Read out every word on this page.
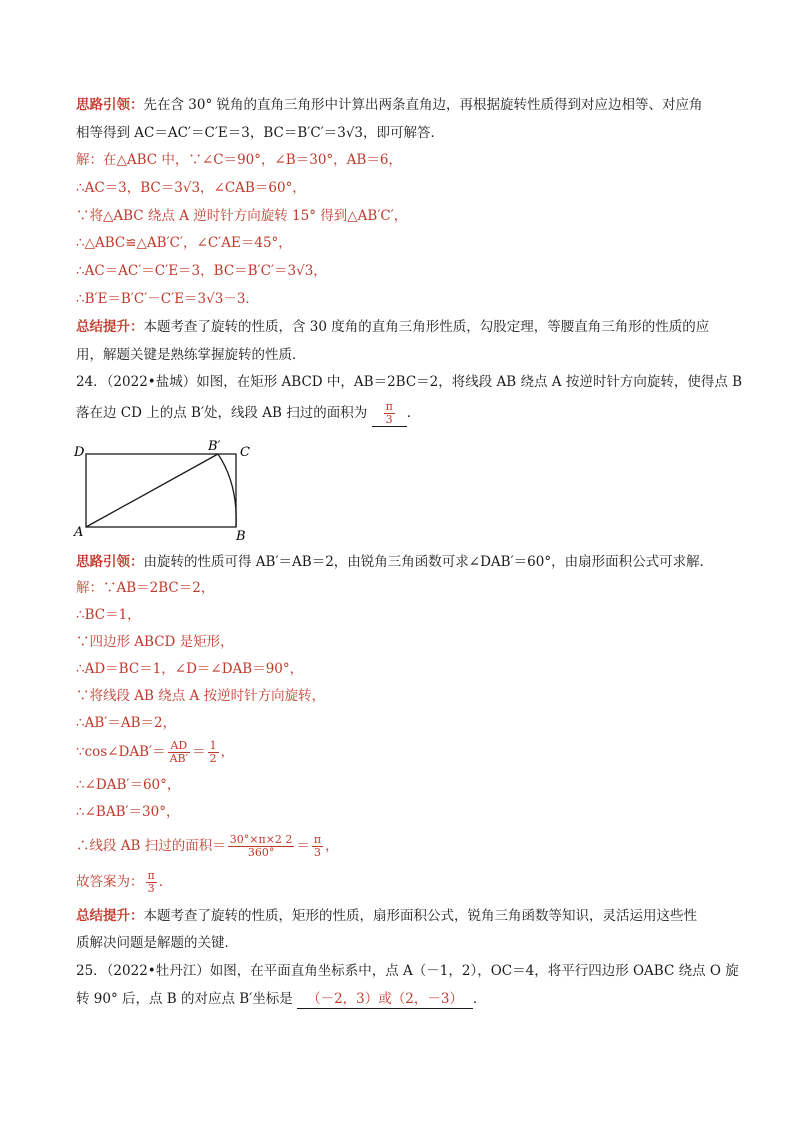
思路引领：先在含 30° 锐角的直角三角形中计算出两条直角边，再根据旋转性质得到对应边相等、对应角
相等得到 AC＝AC′＝C′E＝3，BC＝B′C′＝3√3，即可解答．
解：在△ABC 中，∵∠C＝90°，∠B＝30°，AB＝6，
∴AC＝3，BC＝3√3，∠CAB＝60°，
∵将△ABC 绕点 A 逆时针方向旋转 15° 得到△AB′C′，
∴△ABC≌△AB′C′，∠C′AE＝45°，
∴AC＝AC′＝C′E＝3，BC＝B′C′＝3√3，
∴B′E＝B′C′－C′E＝3√3－3．
总结提升：本题考查了旋转的性质，含 30 度角的直角三角形性质，勾股定理，等腰直角三角形的性质的应
用，解题关键是熟练掌握旋转的性质．
24．（2022•盐城）如图，在矩形 ABCD 中，AB＝2BC＝2，将线段 AB 绕点 A 按逆时针方向旋转，使得点 B
落在边 CD 上的点 B′处，线段 AB 扫过的面积为 $\frac{\pi}{3}$ ．
D	B′ C
A	B
思路引领：由旋转的性质可得 AB′＝AB＝2，由锐角三角函数可求∠DAB′＝60°，由扇形面积公式可求解．
解：∵AB＝2BC＝2，
∴BC＝1，
∵四边形 ABCD 是矩形，
∴AD＝BC＝1，∠D＝∠DAB＝90°，
∵将线段 AB 绕点 A 按逆时针方向旋转，
∴AB′＝AB＝2，
∵cos∠DAB′＝ $\frac{AD}{AB'} = \frac{1}{2}$ ，
∴∠DAB′＝60°，
∴∠BAB′＝30°，
∴线段 AB 扫过的面积＝ $\frac{30^\circ\times\pi\times 2 2}{360^\circ} = \frac{\pi}{3}$ ，
故答案为： $\frac{\pi}{3}$ ．
总结提升：本题考查了旋转的性质，矩形的性质，扇形面积公式，锐角三角函数等知识，灵活运用这些性
质解决问题是解题的关键．
25．（2022•牡丹江）如图，在平面直角坐标系中，点 A（－1，2），OC＝4，将平行四边形 OABC 绕点 O 旋
转 90° 后，点 B 的对应点 B′坐标是 （－2，3）或（2，－3） ．
